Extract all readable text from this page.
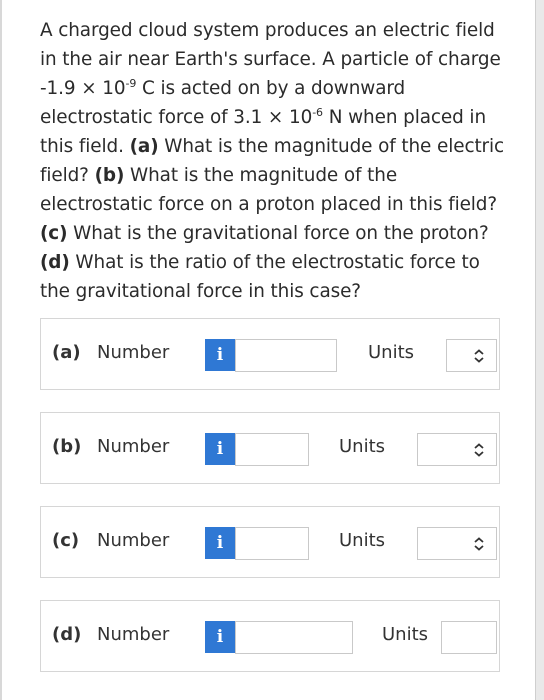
A charged cloud system produces an electric field in the air near Earth's surface. A particle of charge $-1.9 \times 10^{-9}$ C is acted on by a downward electrostatic force of $3.1 \times 10^{-6}$ N when placed in this field. (a) What is the magnitude of the electric field? (b) What is the magnitude of the electrostatic force on a proton placed in this field? (c) What is the gravitational force on the proton? (d) What is the ratio of the electrostatic force to the gravitational force in this case?
(a) Number	i	Units
(b) Number	i	Units
(c) Number	i	Units
(d) Number	i	Units
